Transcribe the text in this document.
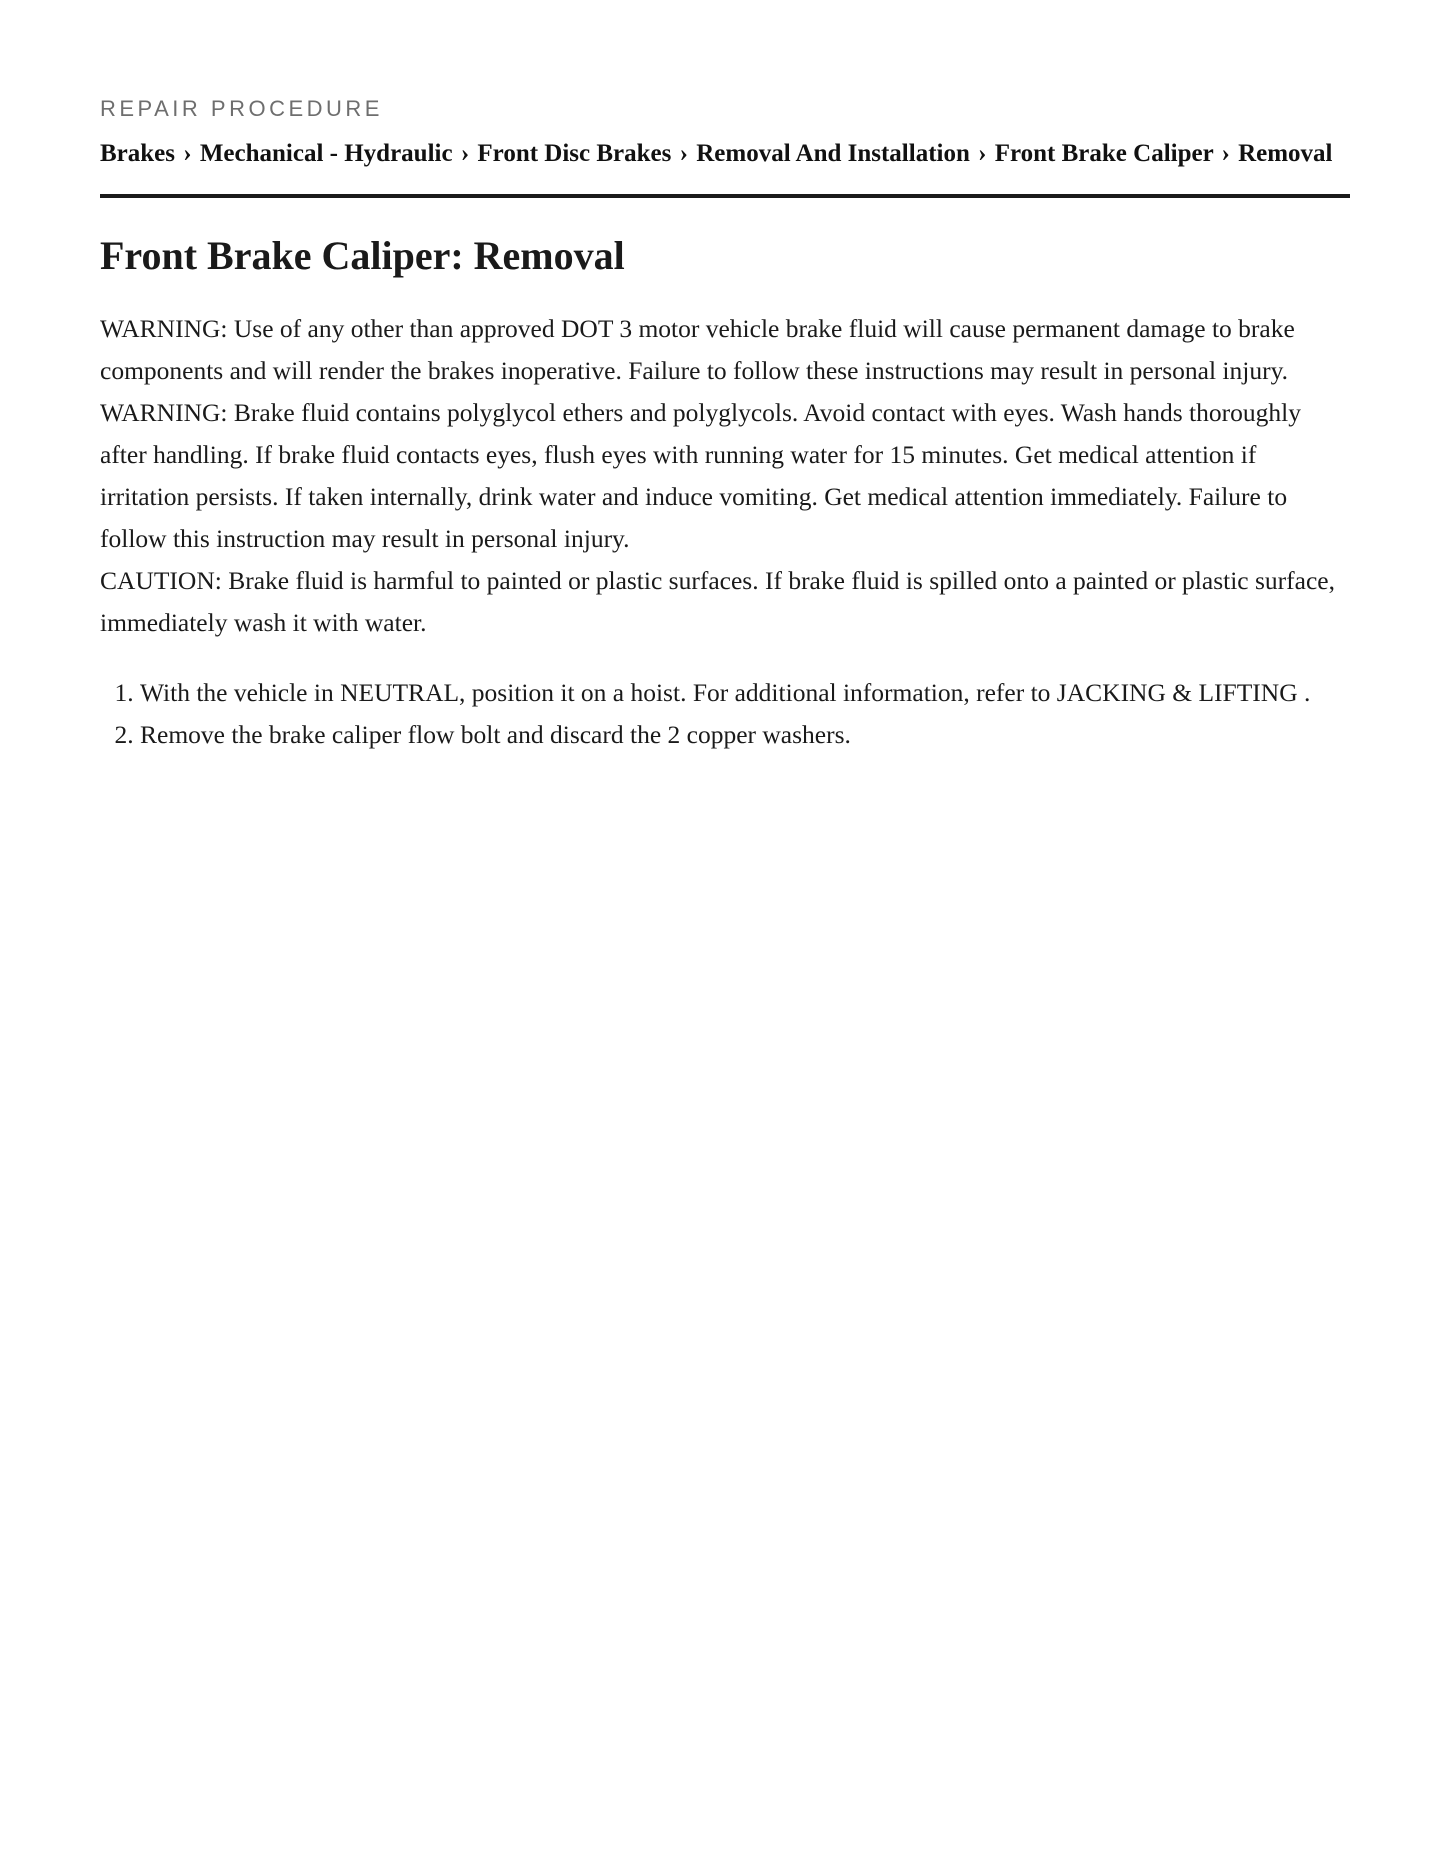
REPAIR PROCEDURE
Brakes › Mechanical - Hydraulic › Front Disc Brakes › Removal And Installation › Front Brake Caliper › Removal
Front Brake Caliper: Removal

WARNING: Use of any other than approved DOT 3 motor vehicle brake fluid will cause permanent damage to brake components and will render the brakes inoperative. Failure to follow these instructions may result in personal injury.

WARNING: Brake fluid contains polyglycol ethers and polyglycols. Avoid contact with eyes. Wash hands thoroughly after handling. If brake fluid contacts eyes, flush eyes with running water for 15 minutes. Get medical attention if irritation persists. If taken internally, drink water and induce vomiting. Get medical attention immediately. Failure to follow this instruction may result in personal injury.

CAUTION: Brake fluid is harmful to painted or plastic surfaces. If brake fluid is spilled onto a painted or plastic surface, immediately wash it with water.

1. With the vehicle in NEUTRAL, position it on a hoist. For additional information, refer to JACKING & LIFTING .
2. Remove the brake caliper flow bolt and discard the 2 copper washers.
